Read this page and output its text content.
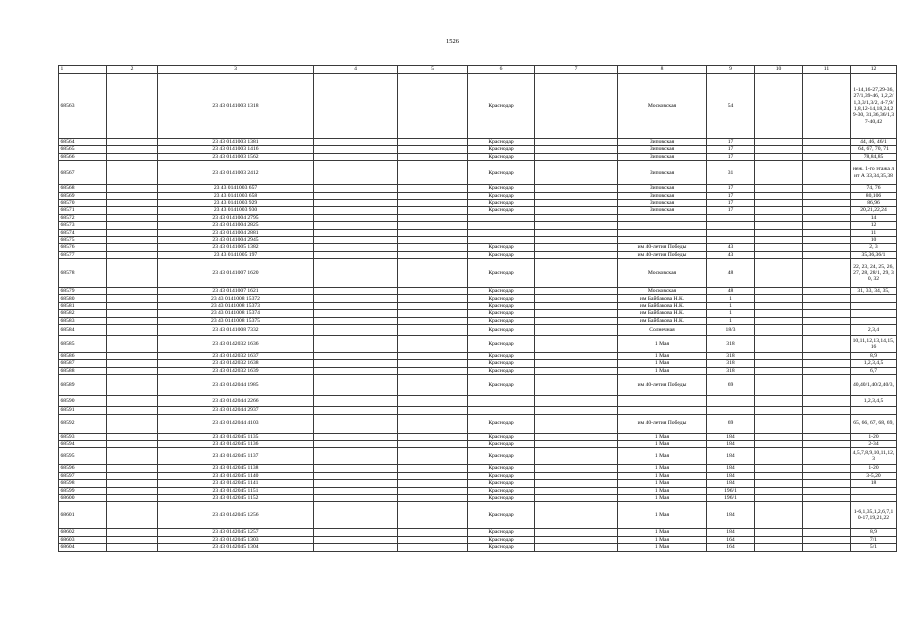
1526
1	2	3	4	5	6	7	8	9	10	11	12
68563		23 43 0141003 1318			Краснодар		Московская	54			1-14,16-27,29-36,27/1,39-46, 1,2,2/1,3,3/1,3/2, 4-7,9/1,8,12-14,18,24,29-30, 31,36,36/1,37-40,42
68564		23 43 0141003 1381			Краснодар		Зиповская	17			44, 46, 46/1
68565		23 43 0141003 1416			Краснодар		Зиповская	17			64, 67, 70, 71
68566		23 43 0141003 1562			Краснодар		Зиповская	17			78,84,85
68567		23 43 0141003 2412			Краснодар		Зиповская	31			неж. 1-го этажа лит А 33,34,35,38
68568		23 43 0141003 657			Краснодар		Зиповская	17			74, 76
68569		23 43 0141003 658			Краснодар		Зиповская	17			80,106
68570		23 43 0141003 929			Краснодар		Зиповская	17			86,96
68571		23 43 0141003 930			Краснодар		Зиповская	17			20,21,22,24
68572		23 43 0141004 2795									14
68573		23 43 0141004 2825									12
68574		23 43 0141004 2881									11
68575		23 43 0141004 2945									10
68576		23 43 0141005 1382			Краснодар		им 40-летия Победы	43			2, 3
68577		23 43 0141005 197			Краснодар		им 40-летия Победы	43			35,36,36/1
68578		23 43 0141007 1620			Краснодар		Московская	48			22, 23, 24, 25, 26, 27, 28, 28/1, 29, 30, 32
68579		23 43 0141007 1621			Краснодар		Московская	48			31, 33, 34, 35,
68580		23 43 0141008 15372			Краснодар		им Байбакова Н.К.	1			
68581		23 43 0141008 15373			Краснодар		им Байбакова Н.К.	1			
68582		23 43 0141008 15374			Краснодар		им Байбакова Н.К.	1			
68583		23 43 0141008 15375			Краснодар		им Байбакова Н.К.	1			
68584		23 43 0141008 7332			Краснодар		Солнечная	18/3			2,3,4
68585		23 43 0142032 1636			Краснодар		1 Мая	318			10,11,12,13,14,15, 16
68586		23 43 0142032 1637			Краснодар		1 Мая	318			8,9
68587		23 43 0142032 1638			Краснодар		1 Мая	318			1,2,3,4,5
68588		23 43 0142032 1639			Краснодар		1 Мая	318			6,7
68589		23 43 0142044 1985			Краснодар		им 40-летия Победы	69			40,40/1,40/2,40/3,
68590		23 43 0142044 2266									1,2,3,4,5
68591		23 43 0142044 2937									
68592		23 43 0142044 4103			Краснодар		им 40-летия Победы	69			65, 66, 67, 68, 69,
68593		23 43 0142045 1135			Краснодар		1 Мая	184			1-20
68594		23 43 0142045 1136			Краснодар		1 Мая	184			2-34
68595		23 43 0142045 1137			Краснодар		1 Мая	184			4,5,7,8,9,10,11,12, 3
68596		23 43 0142045 1138			Краснодар		1 Мая	184			1-20
68597		23 43 0142045 1140			Краснодар		1 Мая	184			3-5,20
68598		23 43 0142045 1141			Краснодар		1 Мая	184			18
68599		23 43 0142045 1151			Краснодар		1 Мая	196/1			
68600		23 43 0142045 1152			Краснодар		1 Мая	196/1			
68601		23 43 0142045 1256			Краснодар		1 Мая	184			1-6,1,35,1,2,6,7,10-17,19,21,22
68602		23 43 0142045 1257			Краснодар		1 Мая	184			8,9
68603		23 43 0142045 1303			Краснодар		1 Мая	164			7/1
68604		23 43 0142045 1304			Краснодар		1 Мая	164			5/1
